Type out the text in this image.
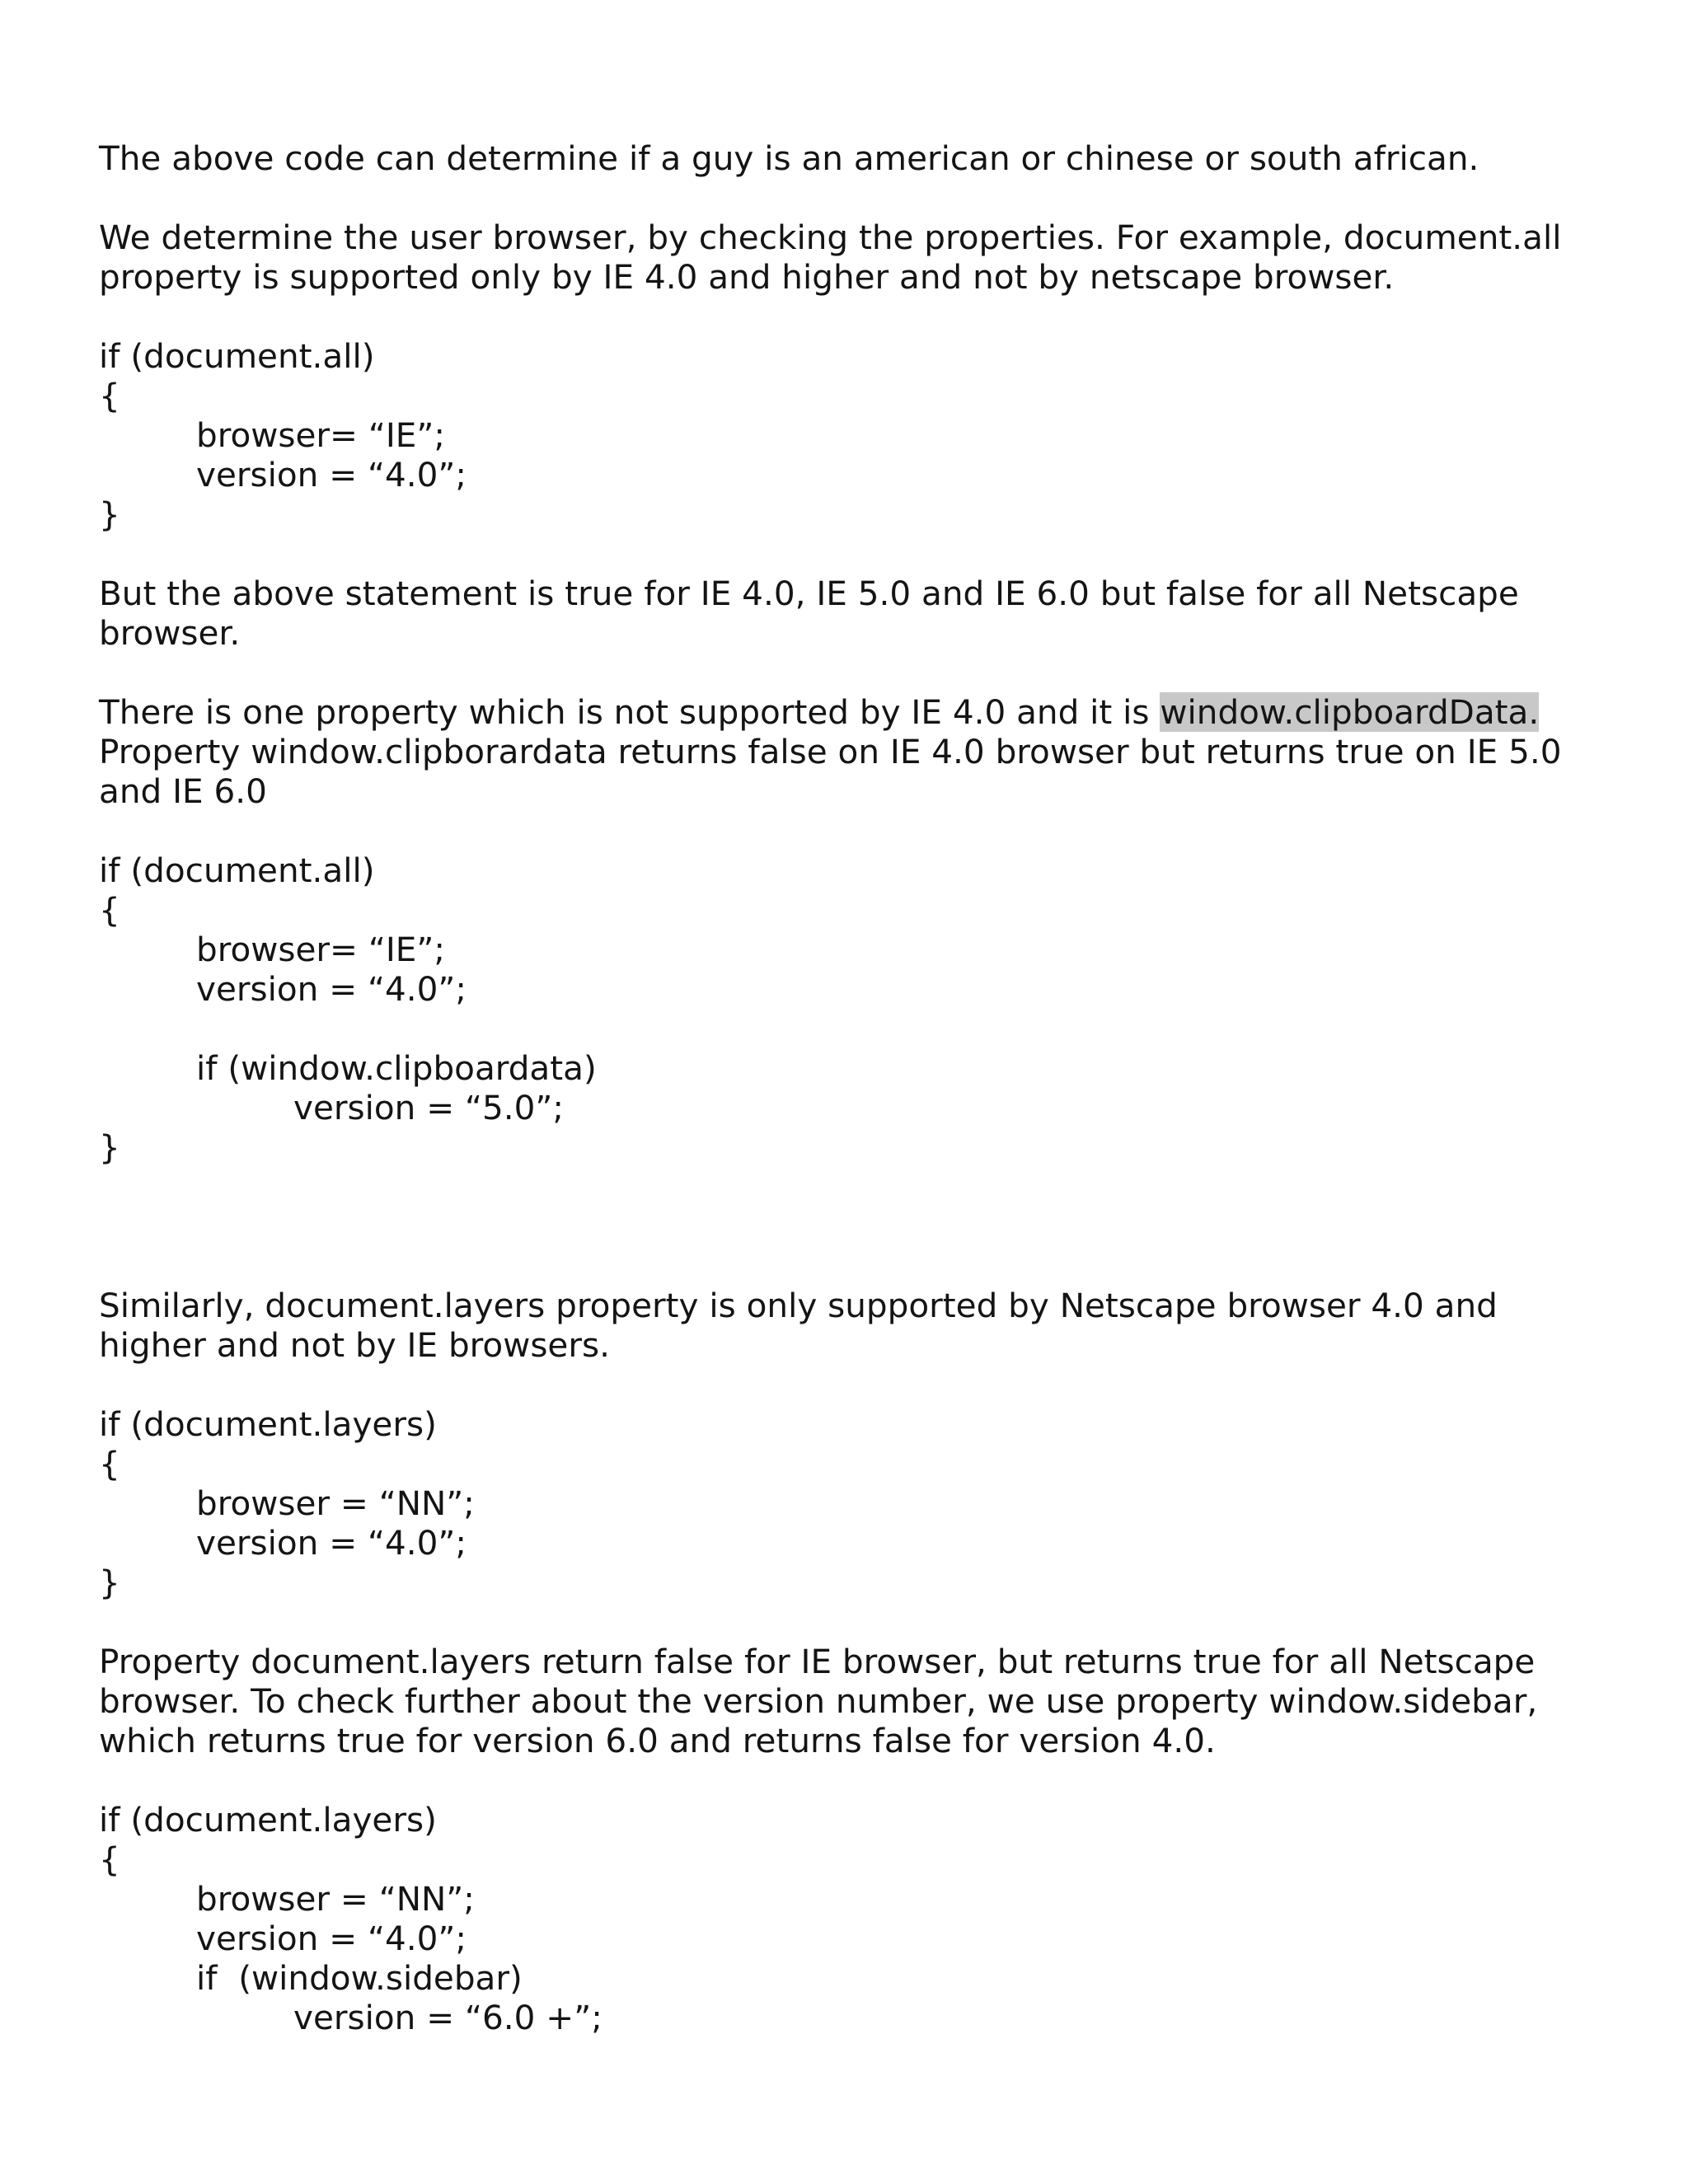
The above code can determine if a guy is an american or chinese or south african.

We determine the user browser, by checking the properties. For example, document.all

property is supported only by IE 4.0 and higher and not by netscape browser.

if (document.all)

{

browser= “IE”;

version = “4.0”;

}

But the above statement is true for IE 4.0, IE 5.0 and IE 6.0 but false for all Netscape

browser.

There is one property which is not supported by IE 4.0 and it is window.clipboardData.

Property window.clipborardata returns false on IE 4.0 browser but returns true on IE 5.0

and IE 6.0

if (document.all)

{

browser= “IE”;

version = “4.0”;

if (window.clipboardata)

version = “5.0”;

}

Similarly, document.layers property is only supported by Netscape browser 4.0 and

higher and not by IE browsers.

if (document.layers)

{

browser = “NN”;

version = “4.0”;

}

Property document.layers return false for IE browser, but returns true for all Netscape

browser. To check further about the version number, we use property window.sidebar,

which returns true for version 6.0 and returns false for version 4.0.

if (document.layers)

{

browser = “NN”;

version = “4.0”;

if  (window.sidebar)

version = “6.0 +”;
